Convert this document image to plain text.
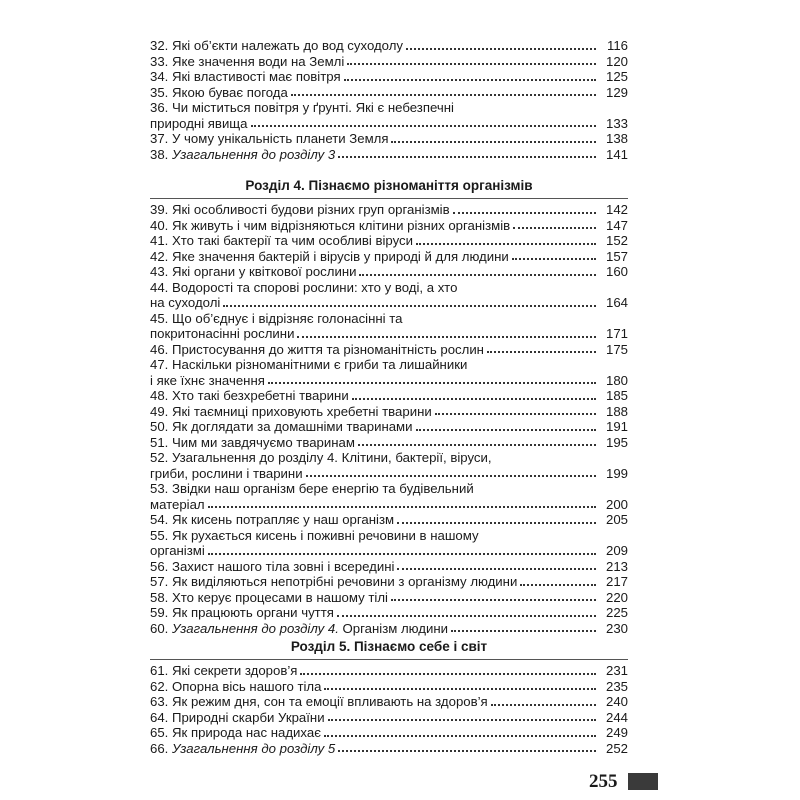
32. Які об’єкти належать до вод суходолу	116
33. Яке значення води на Землі	120
34. Які властивості має повітря	125
35. Якою буває погода	129
36. Чи міститься повітря у ґрунті. Які є небезпечні
природні явища	133
37. У чому унікальність планети Земля	138
38. Узагальнення до розділу 3	141
Розділ 4. Пізнаємо різноманіття організмів
39. Які особливості будови різних груп організмів	142
40. Як живуть і чим відрізняються клітини різних організмів	147
41. Хто такі бактерії та чим особливі віруси	152
42. Яке значення бактерій і вірусів у природі й для людини	157
43. Які органи у квіткової рослини	160
44. Водорості та спорові рослини: хто у воді, а хто
на суходолі	164
45. Що об’єднує і відрізняє голонасінні та
покритонасінні рослини	171
46. Пристосування до життя та різноманітність рослин	175
47. Наскільки різноманітними є гриби та лишайники
і яке їхнє значення	180
48. Хто такі безхребетні тварини	185
49. Які таємниці приховують хребетні тварини	188
50. Як доглядати за домашніми тваринами	191
51. Чим ми завдячуємо тваринам	195
52. Узагальнення до розділу 4. Клітини, бактерії, віруси,
гриби, рослини і тварини	199
53. Звідки наш організм бере енергію та будівельний
матеріал	200
54. Як кисень потрапляє у наш організм	205
55. Як рухається кисень і поживні речовини в нашому
організмі	209
56. Захист нашого тіла зовні і всередині	213
57. Як виділяються непотрібні речовини з організму людини	217
58. Хто керує процесами в нашому тілі	220
59. Як працюють органи чуття	225
60. Узагальнення до розділу 4. Організм людини	230
Розділ 5. Пізнаємо себе і світ
61. Які секрети здоров’я	231
62. Опорна вісь нашого тіла	235
63. Як режим дня, сон та емоції впливають на здоров’я	240
64. Природні скарби України	244
65. Як природа нас надихає	249
66. Узагальнення до розділу 5	252
255
